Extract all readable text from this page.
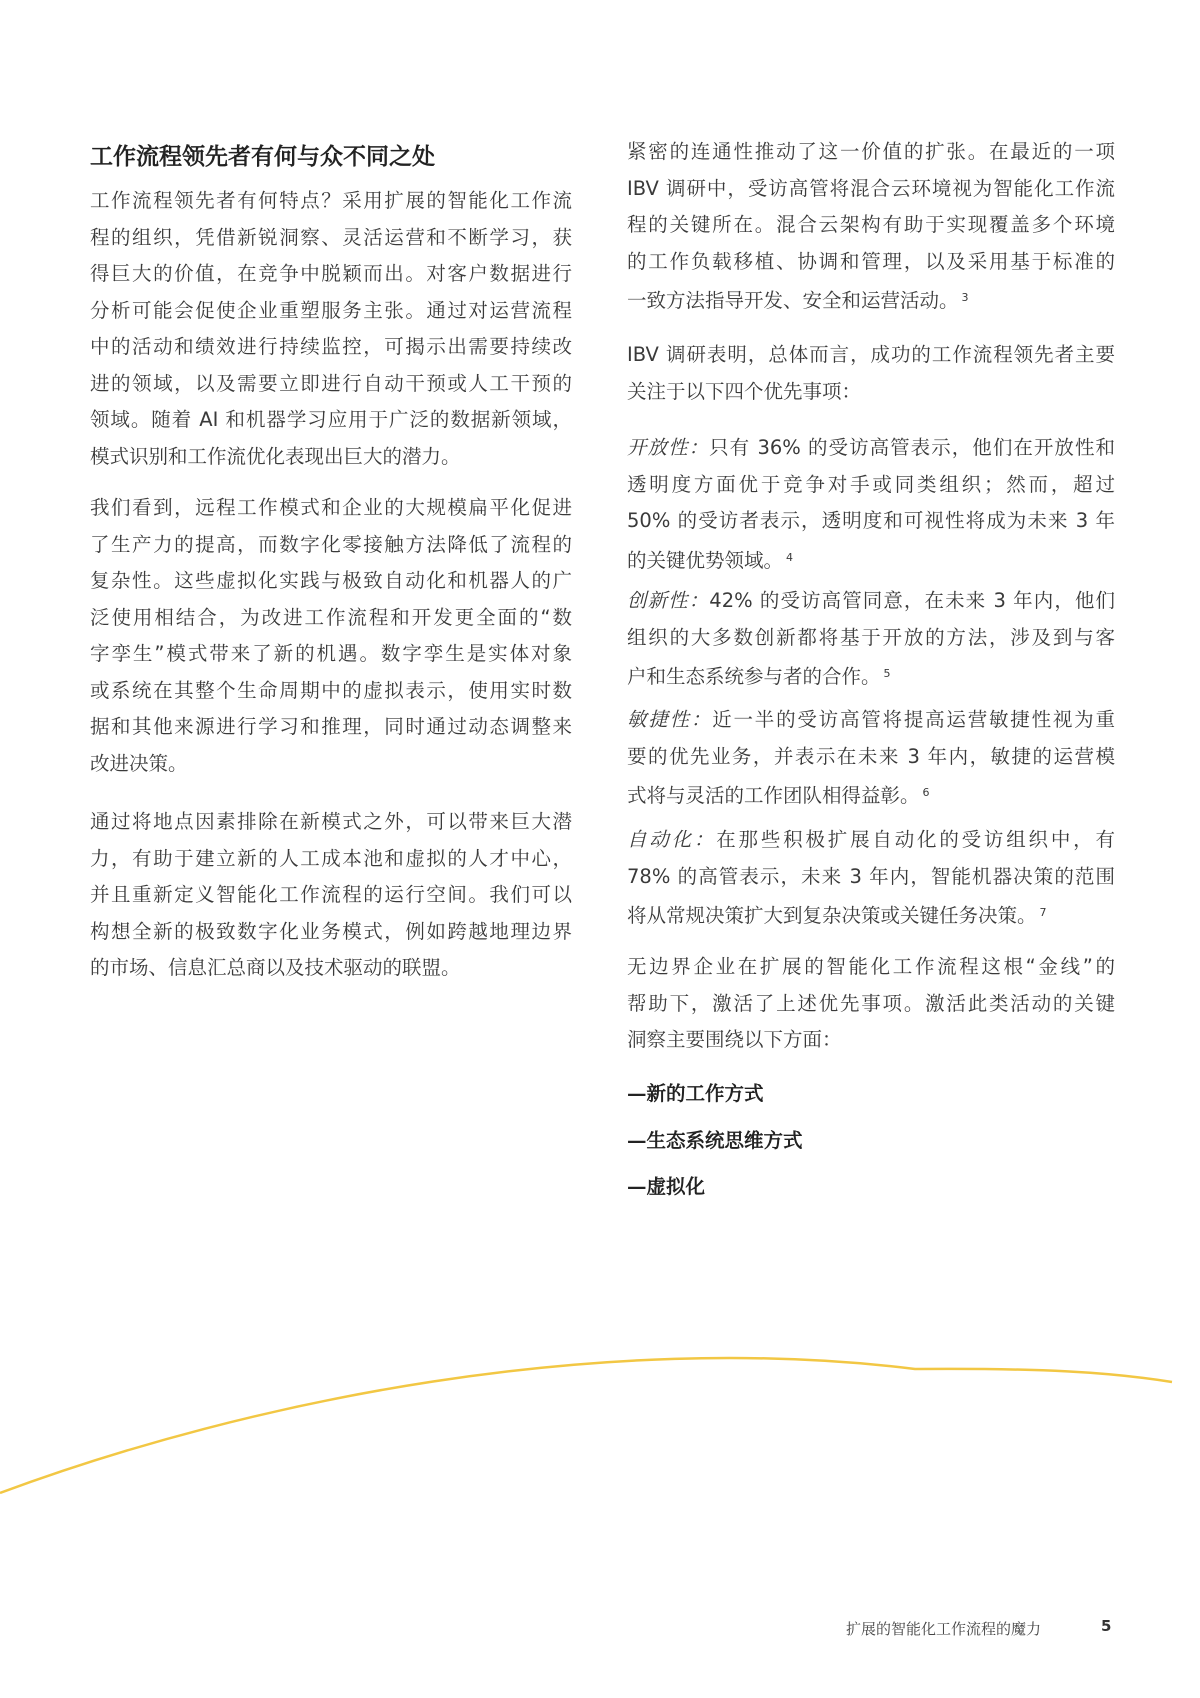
工作流程领先者有何与众不同之处
工作流程领先者有何特点？采用扩展的智能化工作流
程的组织，凭借新锐洞察、灵活运营和不断学习，获
得巨大的价值，在竞争中脱颖而出。对客户数据进行
分析可能会促使企业重塑服务主张。通过对运营流程
中的活动和绩效进行持续监控，可揭示出需要持续改
进的领域，以及需要立即进行自动干预或人工干预的
领域。随着 AI 和机器学习应用于广泛的数据新领域，
模式识别和工作流优化表现出巨大的潜力。
我们看到，远程工作模式和企业的大规模扁平化促进
了生产力的提高，而数字化零接触方法降低了流程的
复杂性。这些虚拟化实践与极致自动化和机器人的广
泛使用相结合，为改进工作流程和开发更全面的“数
字孪生”模式带来了新的机遇。数字孪生是实体对象
或系统在其整个生命周期中的虚拟表示，使用实时数
据和其他来源进行学习和推理，同时通过动态调整来
改进决策。
通过将地点因素排除在新模式之外，可以带来巨大潜
力，有助于建立新的人工成本池和虚拟的人才中心，
并且重新定义智能化工作流程的运行空间。我们可以
构想全新的极致数字化业务模式，例如跨越地理边界
的市场、信息汇总商以及技术驱动的联盟。
紧密的连通性推动了这一价值的扩张。在最近的一项
IBV 调研中，受访高管将混合云环境视为智能化工作流
程的关键所在。混合云架构有助于实现覆盖多个环境
的工作负载移植、协调和管理，以及采用基于标准的
一致方法指导开发、安全和运营活动。 $^3$
IBV 调研表明，总体而言，成功的工作流程领先者主要
关注于以下四个优先事项：
开放性：只有 36% 的受访高管表示，他们在开放性和
透明度方面优于竞争对手或同类组织；然而，超过
50% 的受访者表示，透明度和可视性将成为未来 3 年
的关键优势领域。 $^4$
创新性：42% 的受访高管同意，在未来 3 年内，他们
组织的大多数创新都将基于开放的方法，涉及到与客
户和生态系统参与者的合作。 $^5$
敏捷性：近一半的受访高管将提高运营敏捷性视为重
要的优先业务，并表示在未来 3 年内，敏捷的运营模
式将与灵活的工作团队相得益彰。 $^6$
自动化：在那些积极扩展自动化的受访组织中，有
78% 的高管表示，未来 3 年内，智能机器决策的范围
将从常规决策扩大到复杂决策或关键任务决策。 $^7$
无边界企业在扩展的智能化工作流程这根“金线”的
帮助下，激活了上述优先事项。激活此类活动的关键
洞察主要围绕以下方面：
—新的工作方式
—生态系统思维方式
—虚拟化
扩展的智能化工作流程的魔力	5
